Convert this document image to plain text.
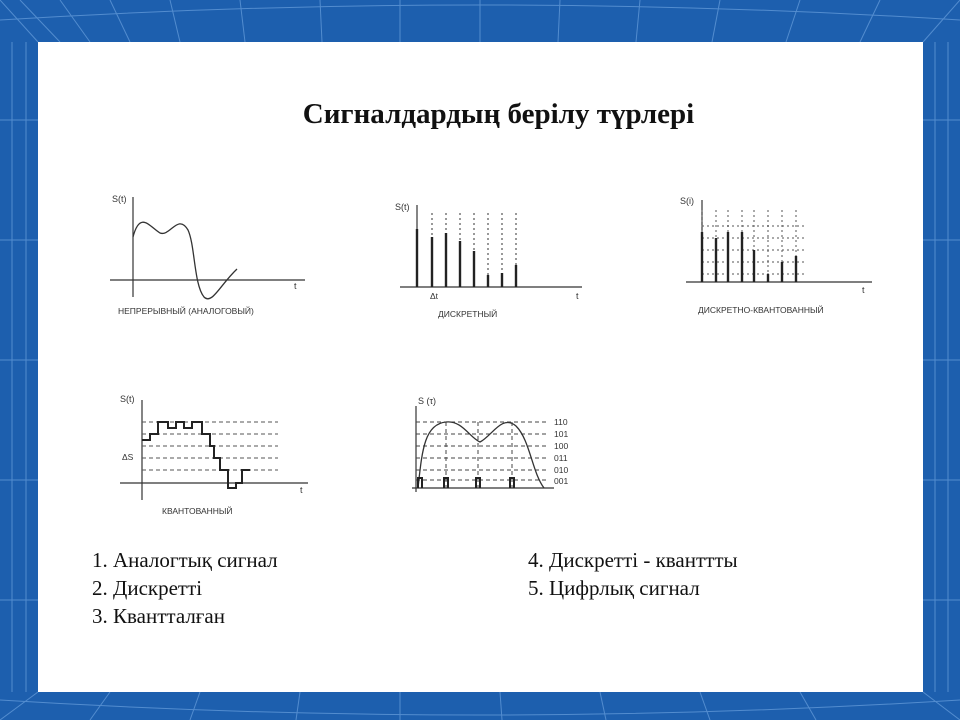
Сигналдардың берілу түрлері
S(t)
t
НЕПРЕРЫВНЫЙ (АНАЛОГОВЫЙ)
S(t)
t
Δt
ДИСКРЕТНЫЙ
S(i)
t
ДИСКРЕТНО-КВАНТОВАННЫЙ
S(t)
t
ΔS
КВАНТОВАННЫЙ
S (τ)
110
101
100
011
010
001
1. Аналогтық сигнал
2. Дискретті
3. Квантталған
4. Дискретті - кванттты
5. Цифрлық сигнал
